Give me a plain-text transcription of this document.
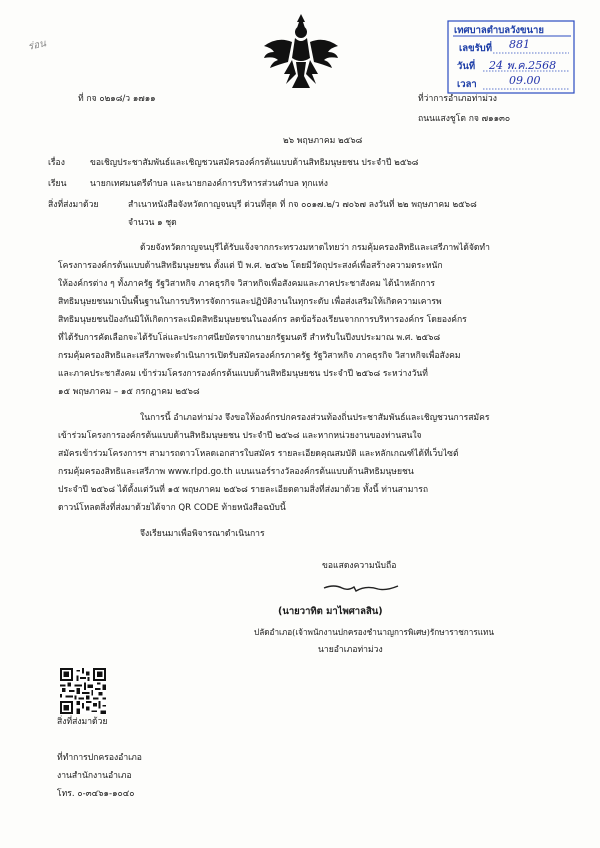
ร่อน
เทศบาลตำบลวังขนาย
เลขรับที่ 881
วันที่ 24 พ.ค.2568
เวลา	09.00
ที่ กจ ๐๒๑๘/ว ๑๗๑๑	ที่ว่าการอำเภอท่าม่วง
ถนนแสงชูโต กจ ๗๑๑๓๐
๒๖ พฤษภาคม ๒๕๖๘
เรื่อง	ขอเชิญประชาสัมพันธ์และเชิญชวนสมัครองค์กรต้นแบบด้านสิทธิมนุษยชน ประจำปี ๒๕๖๘
เรียน	นายกเทศมนตรีตำบล และนายกองค์การบริหารส่วนตำบล ทุกแห่ง
สิ่งที่ส่งมาด้วย	สำเนาหนังสือจังหวัดกาญจนบุรี ด่วนที่สุด ที่ กจ ๐๐๑๗.๒/ว ๗๐๖๗ ลงวันที่ ๒๒ พฤษภาคม ๒๕๖๘
จำนวน ๑ ชุด
ด้วยจังหวัดกาญจนบุรีได้รับแจ้งจากกระทรวงมหาดไทยว่า กรมคุ้มครองสิทธิและเสรีภาพได้จัดทำ
โครงการองค์กรต้นแบบด้านสิทธิมนุษยชน ตั้งแต่ ปี พ.ศ. ๒๕๖๒ โดยมีวัตถุประสงค์เพื่อสร้างความตระหนัก
ให้องค์กรต่าง ๆ ทั้งภาครัฐ รัฐวิสาหกิจ ภาคธุรกิจ วิสาหกิจเพื่อสังคมและภาคประชาสังคม ได้นำหลักการ
สิทธิมนุษยชนมาเป็นพื้นฐานในการบริหารจัดการและปฏิบัติงานในทุกระดับ เพื่อส่งเสริมให้เกิดความเคารพ
สิทธิมนุษยชนป้องกันมิให้เกิดการละเมิดสิทธิมนุษยชนในองค์กร ลดข้อร้องเรียนจากการบริหารองค์กร โดยองค์กร
ที่ได้รับการคัดเลือกจะได้รับโล่และประกาศนียบัตรจากนายกรัฐมนตรี สำหรับในปีงบประมาณ พ.ศ. ๒๕๖๘
กรมคุ้มครองสิทธิและเสรีภาพจะดำเนินการเปิดรับสมัครองค์กรภาครัฐ รัฐวิสาหกิจ ภาคธุรกิจ วิสาหกิจเพื่อสังคม
และภาคประชาสังคม เข้าร่วมโครงการองค์กรต้นแบบด้านสิทธิมนุษยชน ประจำปี ๒๕๖๘ ระหว่างวันที่
๑๕ พฤษภาคม – ๑๕ กรกฎาคม ๒๕๖๘
ในการนี้ อำเภอท่าม่วง จึงขอให้องค์กรปกครองส่วนท้องถิ่นประชาสัมพันธ์และเชิญชวนการสมัคร
เข้าร่วมโครงการองค์กรต้นแบบด้านสิทธิมนุษยชน ประจำปี ๒๕๖๘ และหากหน่วยงานของท่านสนใจ
สมัครเข้าร่วมโครงการฯ สามารถดาวโหลดเอกสารใบสมัคร รายละเอียดคุณสมบัติ และหลักเกณฑ์ได้ที่เว็บไซต์
กรมคุ้มครองสิทธิและเสรีภาพ www.rlpd.go.th แบนเนอร์รางวัลองค์กรต้นแบบด้านสิทธิมนุษยชน
ประจำปี ๒๕๖๘ ได้ตั้งแต่วันที่ ๑๕ พฤษภาคม ๒๕๖๘ รายละเอียดตามสิ่งที่ส่งมาด้วย ทั้งนี้ ท่านสามารถ
ดาวน์โหลดสิ่งที่ส่งมาด้วยได้จาก QR CODE ท้ายหนังสือฉบับนี้
จึงเรียนมาเพื่อพิจารณาดำเนินการ
ขอแสดงความนับถือ
(นายวาทิต มาไพศาลสิน)
ปลัดอำเภอ(เจ้าพนักงานปกครองชำนาญการพิเศษ)รักษาราชการแทน
นายอำเภอท่าม่วง
สิ่งที่ส่งมาด้วย
ที่ทำการปกครองอำเภอ
งานสำนักงานอำเภอ
โทร. ๐-๓๔๖๑-๑๐๔๐
